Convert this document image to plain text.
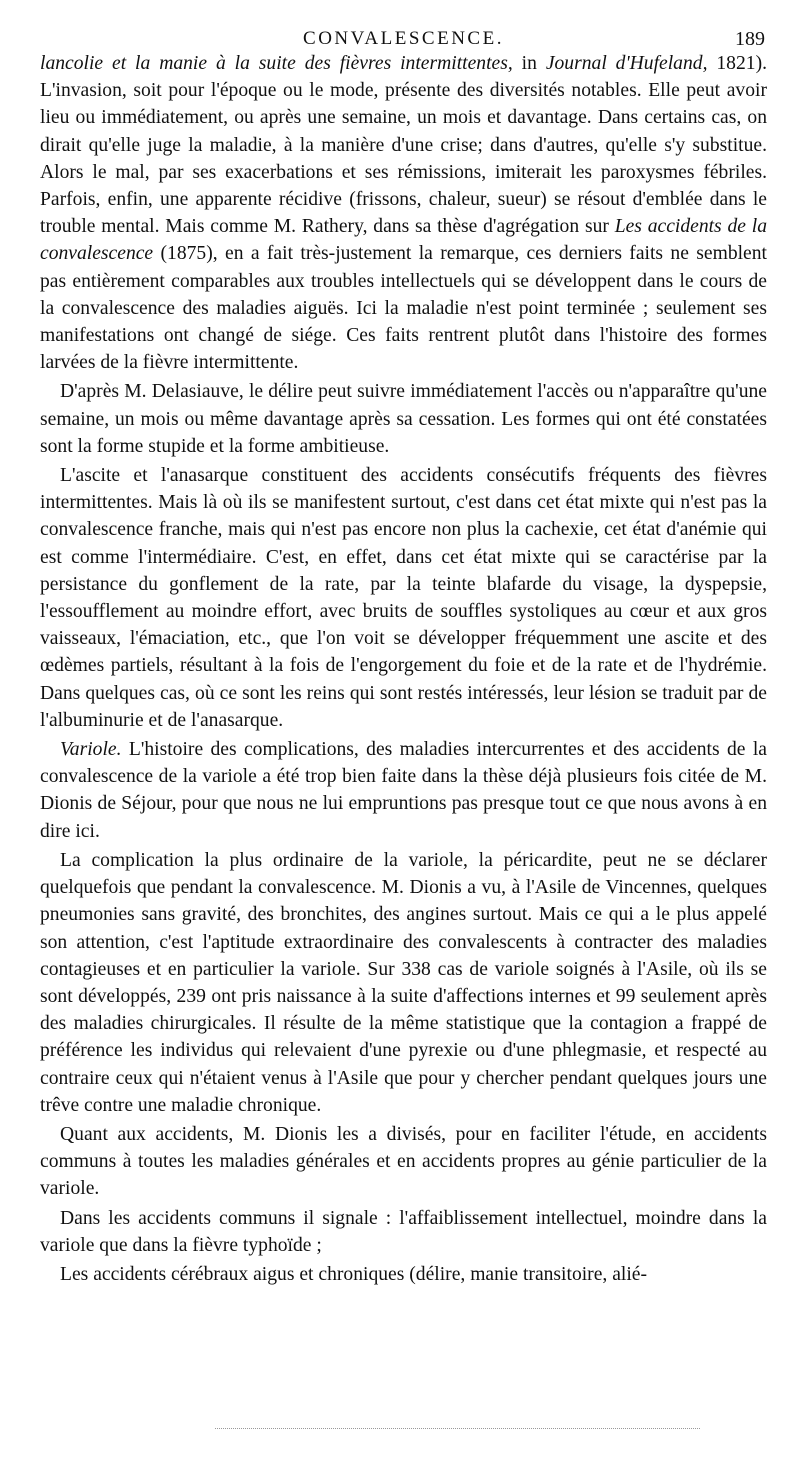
CONVALESCENCE.	189

lancolie et la manie à la suite des fièvres intermittentes, in Journal d'Hufeland, 1821). L'invasion, soit pour l'époque ou le mode, présente des diversités notables. Elle peut avoir lieu ou immédiatement, ou après une semaine, un mois et davantage. Dans certains cas, on dirait qu'elle juge la maladie, à la manière d'une crise; dans d'autres, qu'elle s'y substitue. Alors le mal, par ses exacerbations et ses rémissions, imiterait les paroxysmes fébriles. Parfois, enfin, une apparente récidive (frissons, chaleur, sueur) se résout d'emblée dans le trouble mental. Mais comme M. Rathery, dans sa thèse d'agrégation sur Les accidents de la convalescence (1875), en a fait très-justement la remarque, ces derniers faits ne semblent pas entièrement comparables aux troubles intellectuels qui se développent dans le cours de la convalescence des maladies aiguës. Ici la maladie n'est point terminée ; seulement ses manifestations ont changé de siége. Ces faits rentrent plutôt dans l'histoire des formes larvées de la fièvre intermittente.

D'après M. Delasiauve, le délire peut suivre immédiatement l'accès ou n'apparaître qu'une semaine, un mois ou même davantage après sa cessation. Les formes qui ont été constatées sont la forme stupide et la forme ambitieuse.

L'ascite et l'anasarque constituent des accidents consécutifs fréquents des fièvres intermittentes. Mais là où ils se manifestent surtout, c'est dans cet état mixte qui n'est pas la convalescence franche, mais qui n'est pas encore non plus la cachexie, cet état d'anémie qui est comme l'intermédiaire. C'est, en effet, dans cet état mixte qui se caractérise par la persistance du gonflement de la rate, par la teinte blafarde du visage, la dyspepsie, l'essoufflement au moindre effort, avec bruits de souffles systoliques au cœur et aux gros vaisseaux, l'émaciation, etc., que l'on voit se développer fréquemment une ascite et des œdèmes partiels, résultant à la fois de l'engorgement du foie et de la rate et de l'hydrémie. Dans quelques cas, où ce sont les reins qui sont restés intéressés, leur lésion se traduit par de l'albuminurie et de l'anasarque.

Variole. L'histoire des complications, des maladies intercurrentes et des accidents de la convalescence de la variole a été trop bien faite dans la thèse déjà plusieurs fois citée de M. Dionis de Séjour, pour que nous ne lui empruntions pas presque tout ce que nous avons à en dire ici.

La complication la plus ordinaire de la variole, la péricardite, peut ne se déclarer quelquefois que pendant la convalescence. M. Dionis a vu, à l'Asile de Vincennes, quelques pneumonies sans gravité, des bronchites, des angines surtout. Mais ce qui a le plus appelé son attention, c'est l'aptitude extraordinaire des convalescents à contracter des maladies contagieuses et en particulier la variole. Sur 338 cas de variole soignés à l'Asile, où ils se sont développés, 239 ont pris naissance à la suite d'affections internes et 99 seulement après des maladies chirurgicales. Il résulte de la même statistique que la contagion a frappé de préférence les individus qui relevaient d'une pyrexie ou d'une phlegmasie, et respecté au contraire ceux qui n'étaient venus à l'Asile que pour y chercher pendant quelques jours une trêve contre une maladie chronique.

Quant aux accidents, M. Dionis les a divisés, pour en faciliter l'étude, en accidents communs à toutes les maladies générales et en accidents propres au génie particulier de la variole.

Dans les accidents communs il signale : l'affaiblissement intellectuel, moindre dans la variole que dans la fièvre typhoïde ;

Les accidents cérébraux aigus et chroniques (délire, manie transitoire, alié-
